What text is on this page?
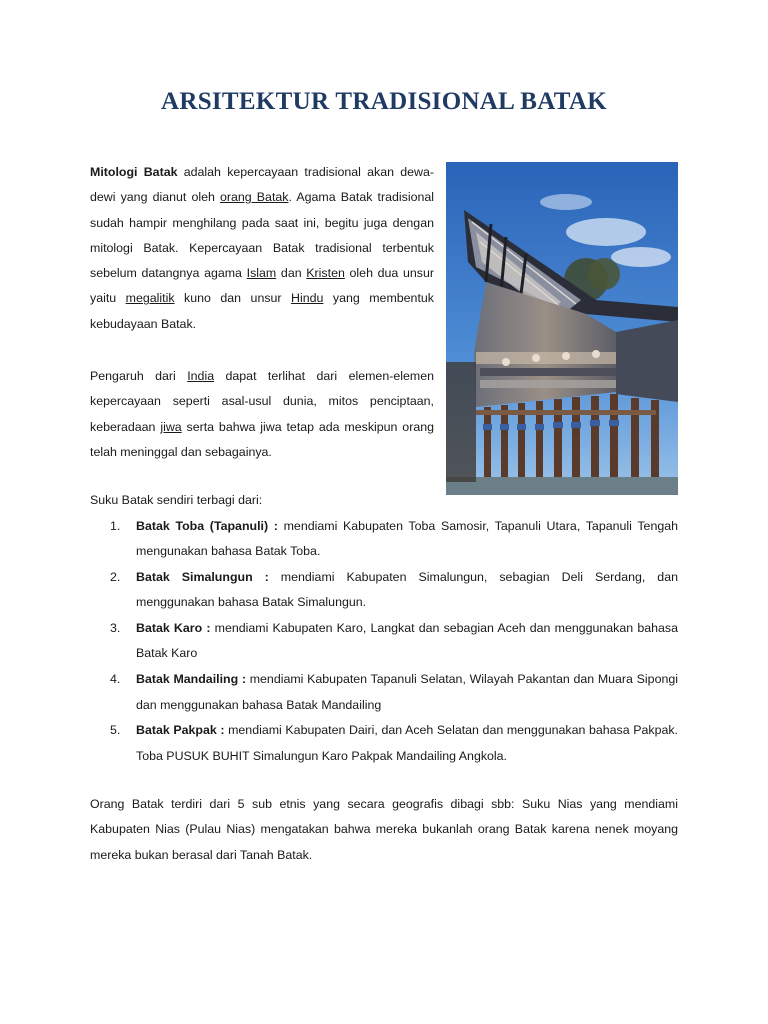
ARSITEKTUR TRADISIONAL BATAK
Mitologi Batak adalah kepercayaan tradisional akan dewa-dewi yang dianut oleh orang Batak. Agama Batak tradisional sudah hampir menghilang pada saat ini, begitu juga dengan mitologi Batak. Kepercayaan Batak tradisional terbentuk sebelum datangnya agama Islam dan Kristen oleh dua unsur yaitu megalitik kuno dan unsur Hindu yang membentuk kebudayaan Batak.
Pengaruh dari India dapat terlihat dari elemen-elemen kepercayaan seperti asal-usul dunia, mitos penciptaan, keberadaan jiwa serta bahwa jiwa tetap ada meskipun orang telah meninggal dan sebagainya.
Suku Batak sendiri terbagi dari:
1. Batak Toba (Tapanuli) : mendiami Kabupaten Toba Samosir, Tapanuli Utara, Tapanuli Tengah mengunakan bahasa Batak Toba.
2. Batak Simalungun : mendiami Kabupaten Simalungun, sebagian Deli Serdang, dan menggunakan bahasa Batak Simalungun.
3. Batak Karo : mendiami Kabupaten Karo, Langkat dan sebagian Aceh dan menggunakan bahasa Batak Karo
4. Batak Mandailing : mendiami Kabupaten Tapanuli Selatan, Wilayah Pakantan dan Muara Sipongi dan menggunakan bahasa Batak Mandailing
5. Batak Pakpak : mendiami Kabupaten Dairi, dan Aceh Selatan dan menggunakan bahasa Pakpak. Toba PUSUK BUHIT Simalungun Karo Pakpak Mandailing Angkola.
Orang Batak terdiri dari 5 sub etnis yang secara geografis dibagi sbb: Suku Nias yang mendiami Kabupaten Nias (Pulau Nias) mengatakan bahwa mereka bukanlah orang Batak karena nenek moyang mereka bukan berasal dari Tanah Batak.
